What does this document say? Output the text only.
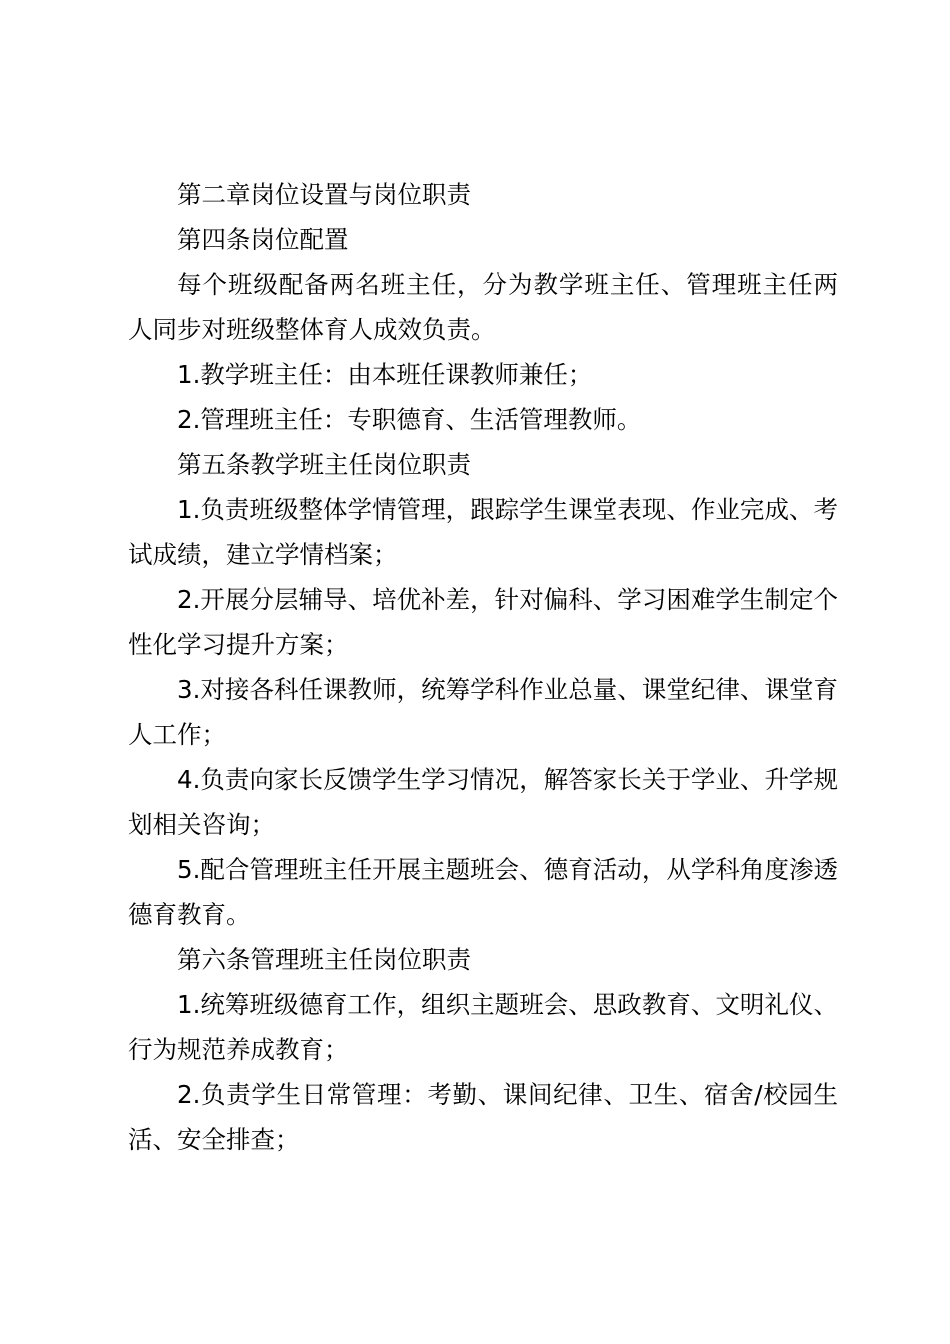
第二章岗位设置与岗位职责

第四条岗位配置

每个班级配备两名班主任，分为教学班主任、管理班主任两人同步对班级整体育人成效负责。

1.教学班主任：由本班任课教师兼任；

2.管理班主任：专职德育、生活管理教师。

第五条教学班主任岗位职责

1.负责班级整体学情管理，跟踪学生课堂表现、作业完成、考试成绩，建立学情档案；

2.开展分层辅导、培优补差，针对偏科、学习困难学生制定个性化学习提升方案；

3.对接各科任课教师，统筹学科作业总量、课堂纪律、课堂育人工作；

4.负责向家长反馈学生学习情况，解答家长关于学业、升学规划相关咨询；

5.配合管理班主任开展主题班会、德育活动，从学科角度渗透德育教育。

第六条管理班主任岗位职责

1.统筹班级德育工作，组织主题班会、思政教育、文明礼仪、行为规范养成教育；

2.负责学生日常管理：考勤、课间纪律、卫生、宿舍/校园生活、安全排查；
